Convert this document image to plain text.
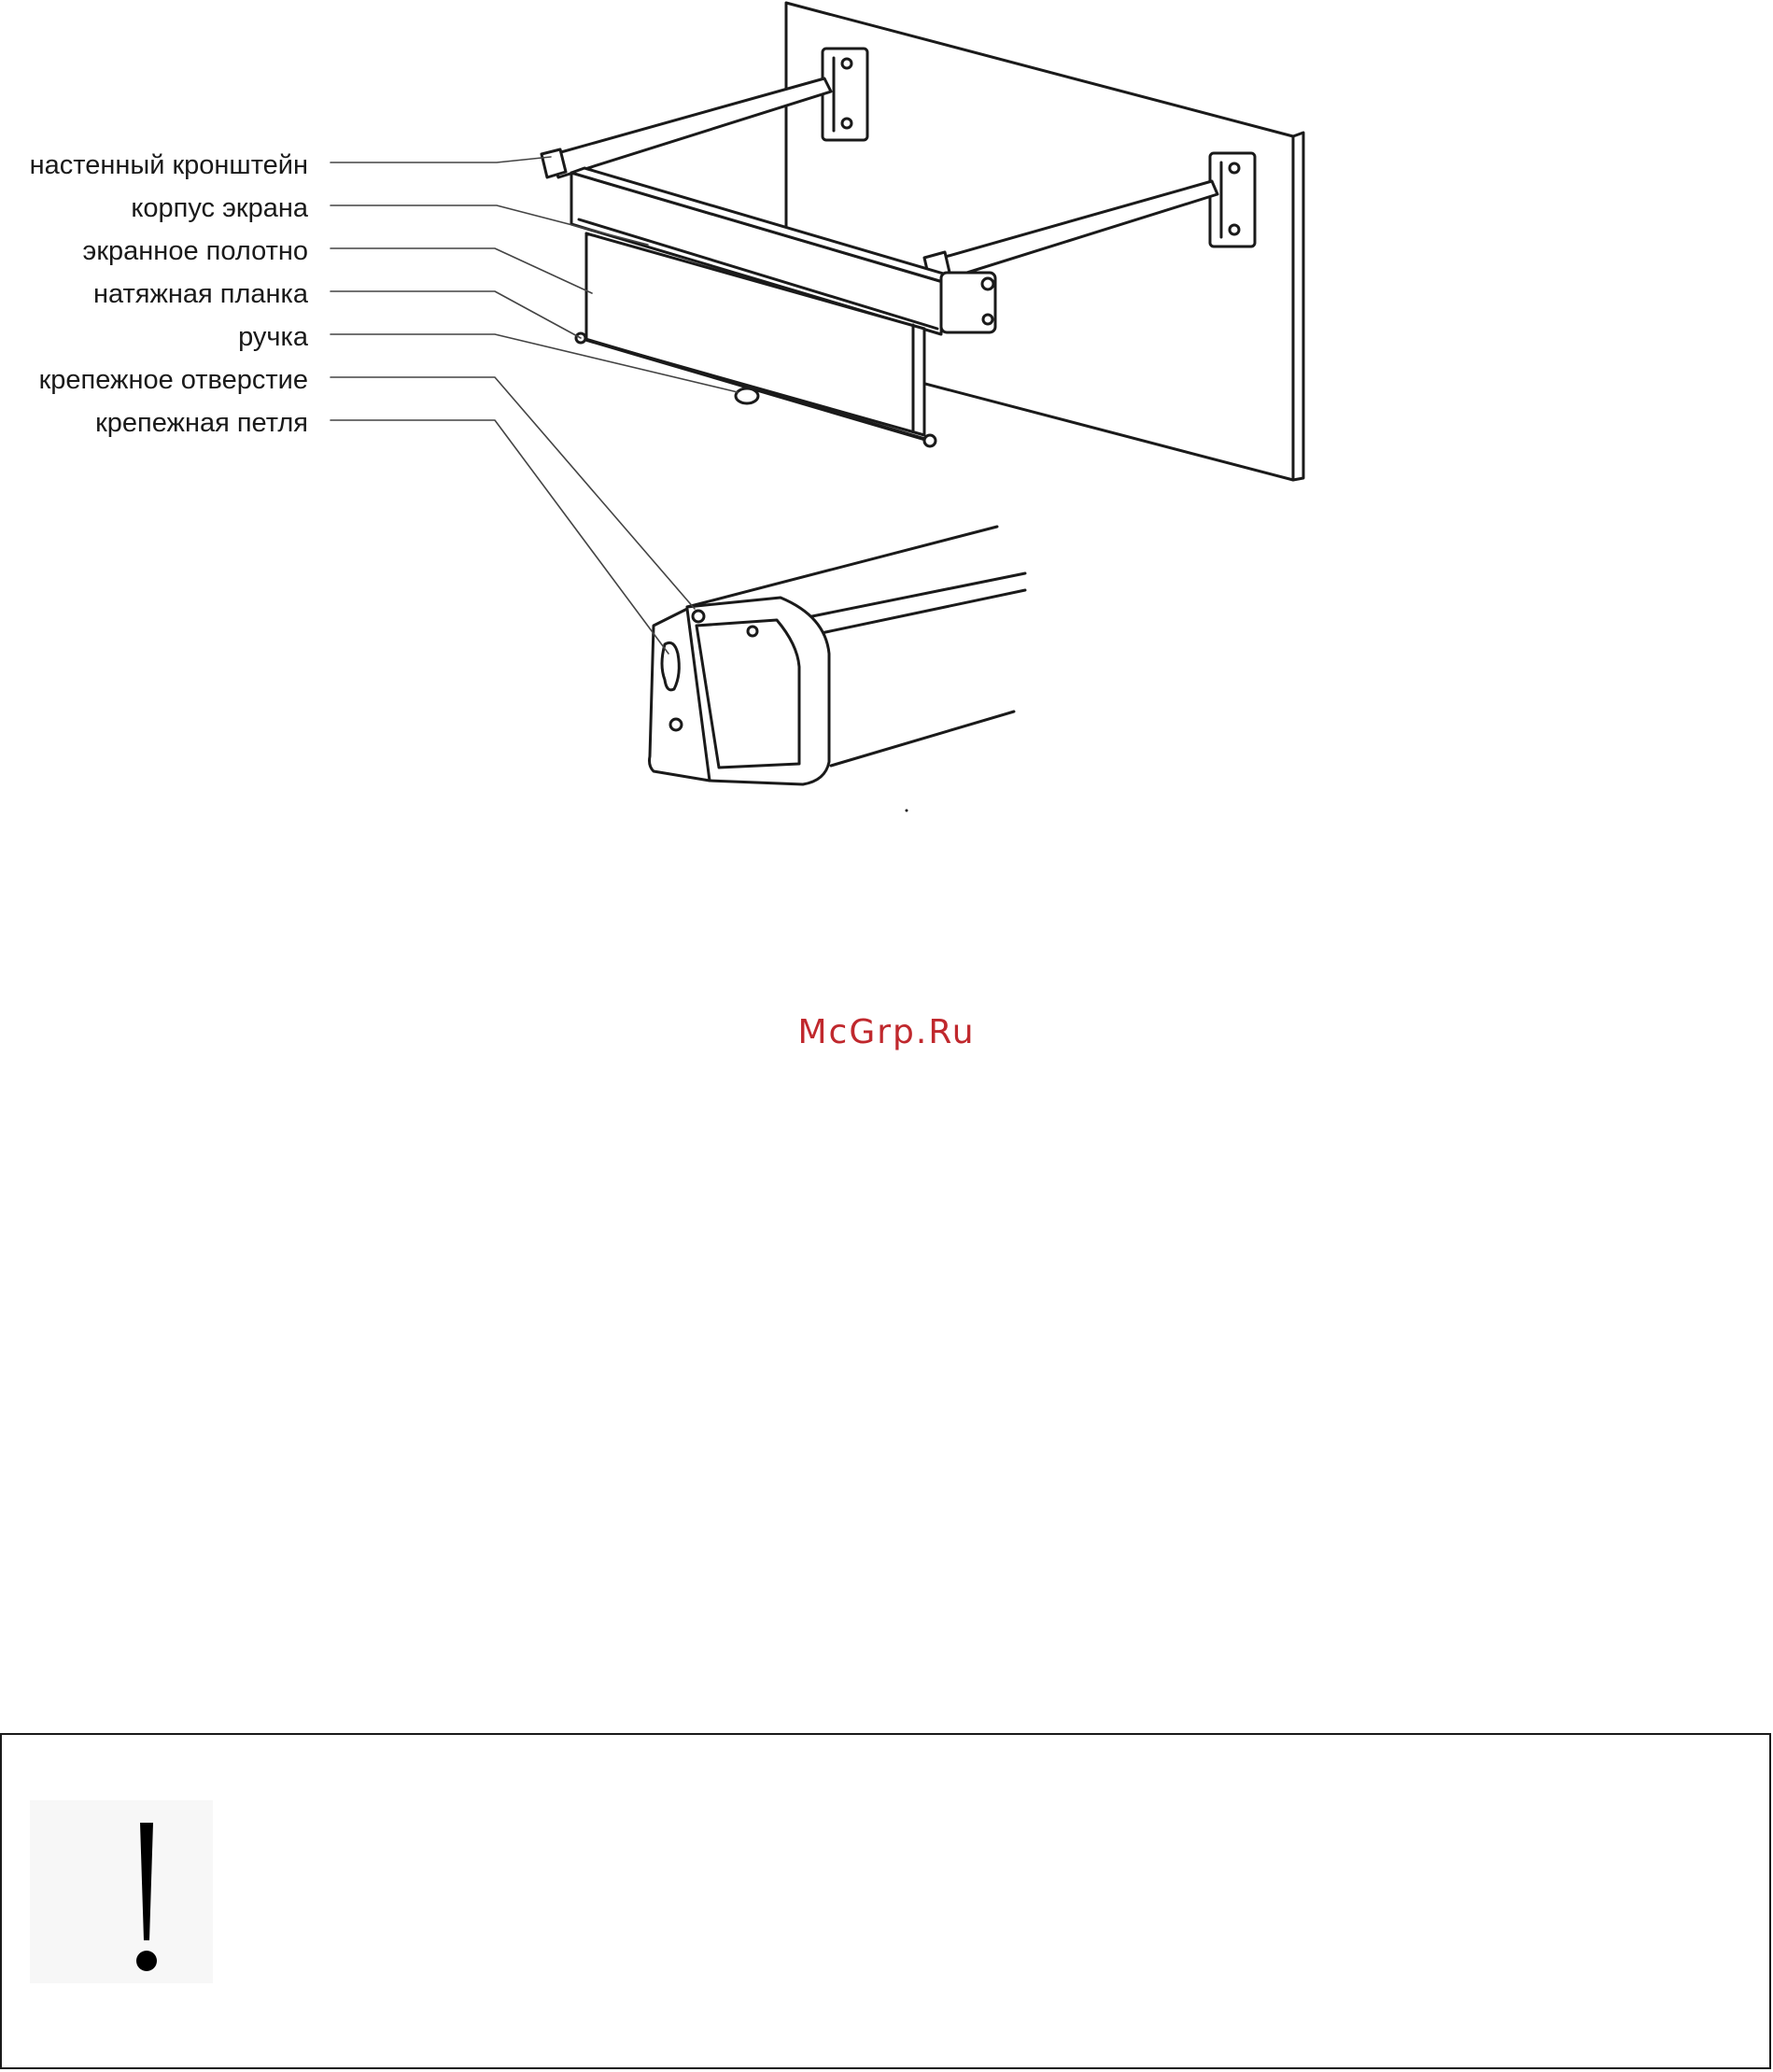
настенный кронштейн
корпус экрана
экранное полотно
натяжная планка
ручка
крепежное отверстие
крепежная петля
McGrp.Ru
